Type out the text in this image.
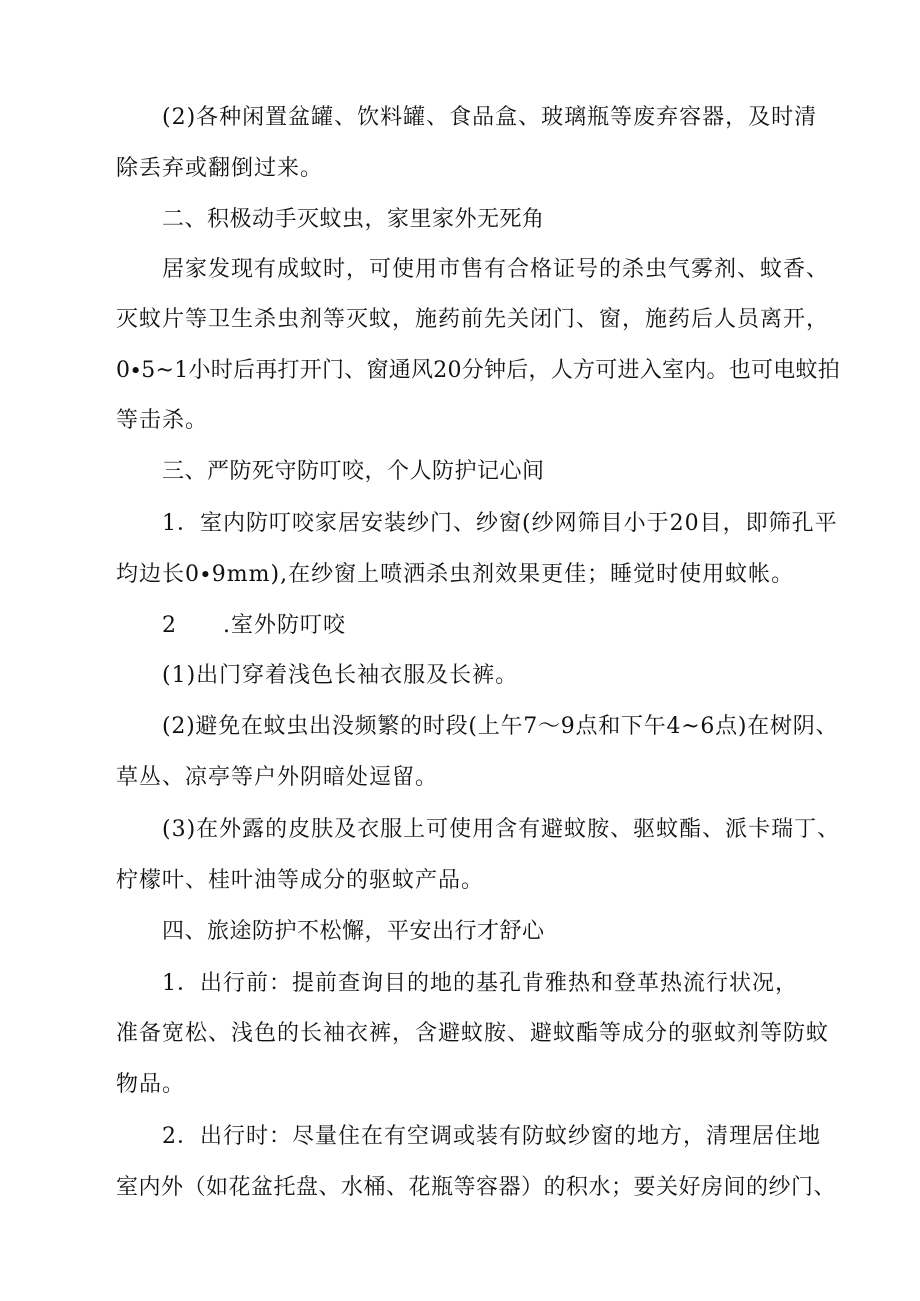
(2)各种闲置盆罐、饮料罐、食品盒、玻璃瓶等废弃容器，及时清
除丢弃或翻倒过来。
二、积极动手灭蚊虫，家里家外无死角
居家发现有成蚊时，可使用市售有合格证号的杀虫气雾剂、蚊香、
灭蚊片等卫生杀虫剂等灭蚊，施药前先关闭门、窗，施药后人员离开，
0∙5~1小时后再打开门、窗通风20分钟后，人方可进入室内。也可电蚊拍
等击杀。
三、严防死守防叮咬，个人防护记心间
1．室内防叮咬家居安装纱门、纱窗(纱网筛目小于20目，即筛孔平
均边长0∙9mm),在纱窗上喷洒杀虫剂效果更佳；睡觉时使用蚊帐。
2　　.室外防叮咬
(1)出门穿着浅色长袖衣服及长裤。
(2)避免在蚊虫出没频繁的时段(上午7～9点和下午4~6点)在树阴、
草丛、凉亭等户外阴暗处逗留。
(3)在外露的皮肤及衣服上可使用含有避蚊胺、驱蚊酯、派卡瑞丁、
柠檬叶、桂叶油等成分的驱蚊产品。
四、旅途防护不松懈，平安出行才舒心
1．出行前：提前查询目的地的基孔肯雅热和登革热流行状况，
准备宽松、浅色的长袖衣裤，含避蚊胺、避蚊酯等成分的驱蚊剂等防蚊
物品。
2．出行时：尽量住在有空调或装有防蚊纱窗的地方，清理居住地
室内外（如花盆托盘、水桶、花瓶等容器）的积水；要关好房间的纱门、
